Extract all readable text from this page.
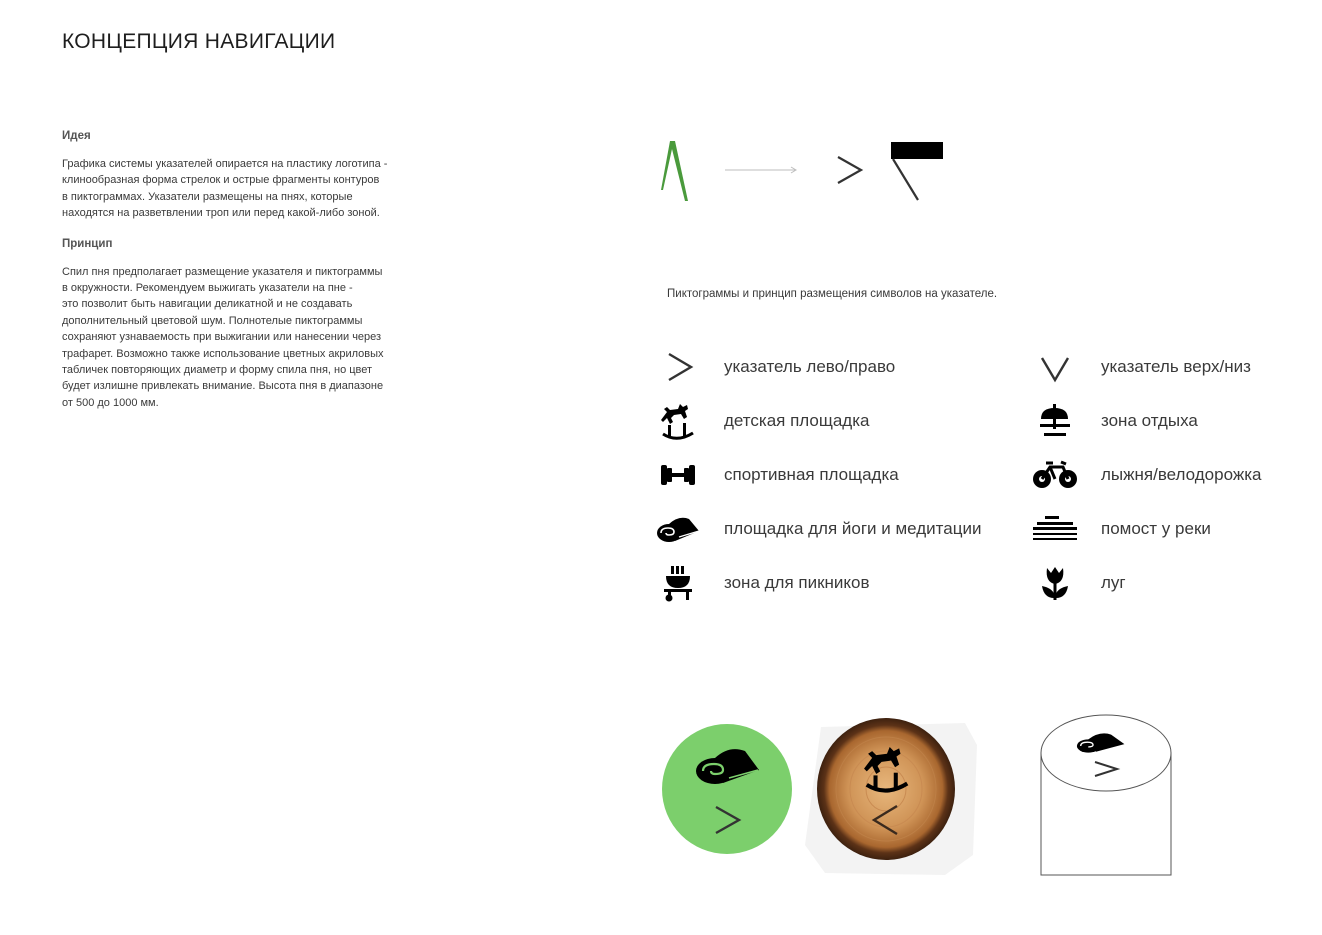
КОНЦЕПЦИЯ НАВИГАЦИИ
Идея
Графика системы указателей опирается на пластику логотипа -
клинообразная форма стрелок и острые фрагменты контуров
в пиктограммах. Указатели размещены на пнях, которые
находятся на разветвлении троп или перед какой-либо зоной.
Принцип
Спил пня предполагает размещение указателя и пиктограммы
в окружности. Рекомендуем выжигать указатели на пне -
это позволит быть навигации деликатной и не создавать
дополнительный цветовой шум. Полнотелые пиктограммы
сохраняют узнаваемость при выжигании или нанесении через
трафарет. Возможно также использование цветных акриловых
табличек повторяющих диаметр и форму спила пня, но цвет
будет излишне привлекать внимание. Высота пня в диапазоне
от 500 до 1000 мм.
Пиктограммы и принцип размещения символов на указателе.
указатель лево/право
детская площадка
спортивная площадка
площадка для йоги и медитации
зона для пикников
указатель верх/низ
зона отдыха
лыжня/велодорожка
помост у реки
луг
